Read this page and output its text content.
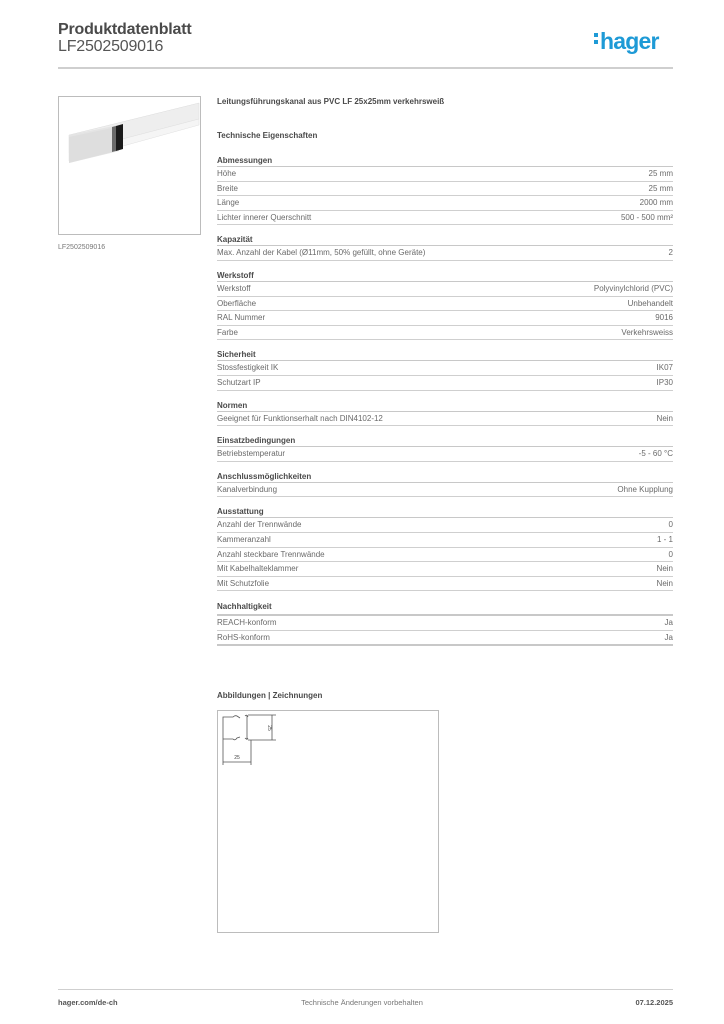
Produktdatenblatt
LF2502509016	hager
LF2502509016
Leitungsführungskanal aus PVC LF 25x25mm verkehrsweiß
Technische Eigenschaften
Abmessungen
Höhe	25 mm
Breite	25 mm
Länge	2000 mm
Lichter innerer Querschnitt	500 - 500 mm²
Kapazität
Max. Anzahl der Kabel (Ø11mm, 50% gefüllt, ohne Geräte)	2
Werkstoff
Werkstoff	Polyvinylchlorid (PVC)
Oberfläche	Unbehandelt
RAL Nummer	9016
Farbe	Verkehrsweiss
Sicherheit
Stossfestigkeit IK	IK07
Schutzart IP	IP30
Normen
Geeignet für Funktionserhalt nach DIN4102-12	Nein
Einsatzbedingungen
Betriebstemperatur	-5 - 60 °C
Anschlussmöglichkeiten
Kanalverbindung	Ohne Kupplung
Ausstattung
Anzahl der Trennwände	0
Kammeranzahl	1 - 1
Anzahl steckbare Trennwände	0
Mit Kabelhalteklammer	Nein
Mit Schutzfolie	Nein
Nachhaltigkeit
REACH-konform	Ja
RoHS-konform	Ja
Abbildungen | Zeichnungen
25
25
hager.com/de-ch	Technische Änderungen vorbehalten	07.12.2025
